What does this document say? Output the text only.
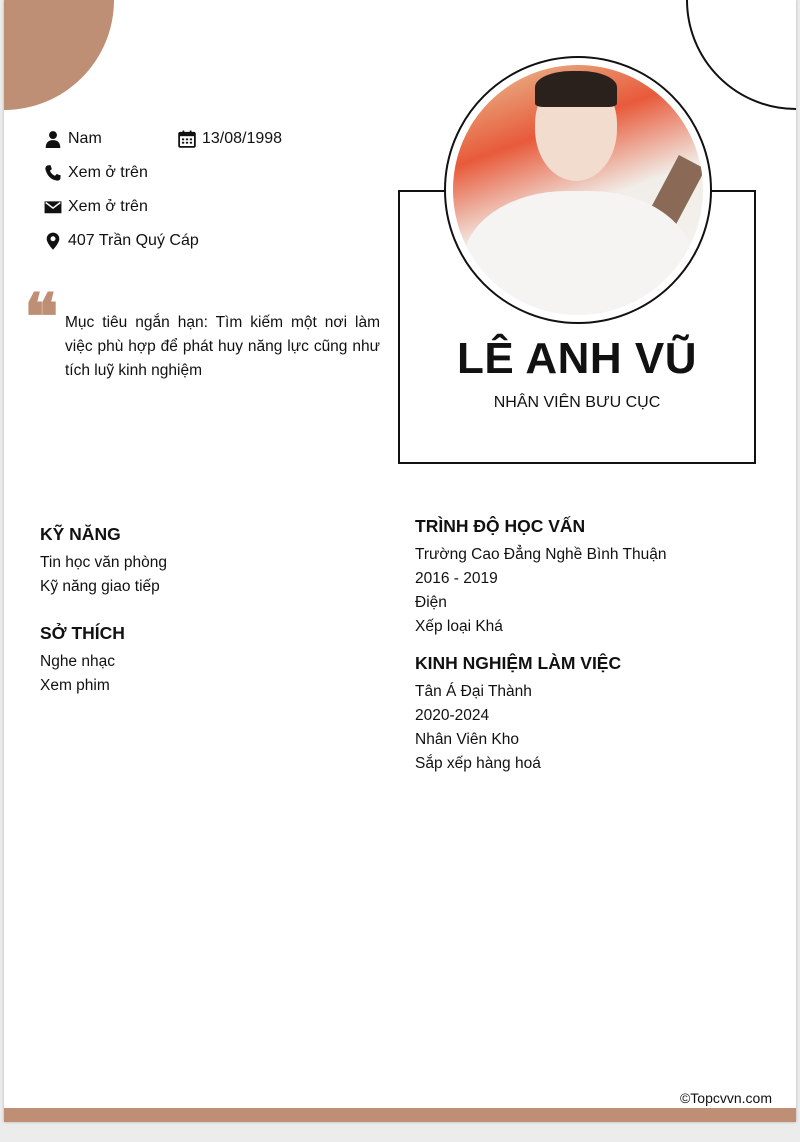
Nam	13/08/1998
Xem ở trên
Xem ở trên
407 Trần Quý Cáp
❝ Mục tiêu ngắn hạn: Tìm kiếm một nơi làm việc phù hợp để phát huy năng lực cũng như tích luỹ kinh nghiệm	LÊ ANH VŨ
NHÂN VIÊN BƯU CỤC
KỸ NĂNG
Tin học văn phòng
Kỹ năng giao tiếp
SỞ THÍCH
Nghe nhạc
Xem phim
TRÌNH ĐỘ HỌC VẤN
Trường Cao Đẳng Nghề Bình Thuận
2016 - 2019
Điện
Xếp loại Khá
KINH NGHIỆM LÀM VIỆC
Tân Á Đại Thành
2020-2024
Nhân Viên Kho
Sắp xếp hàng hoá
©Topcvvn.com
